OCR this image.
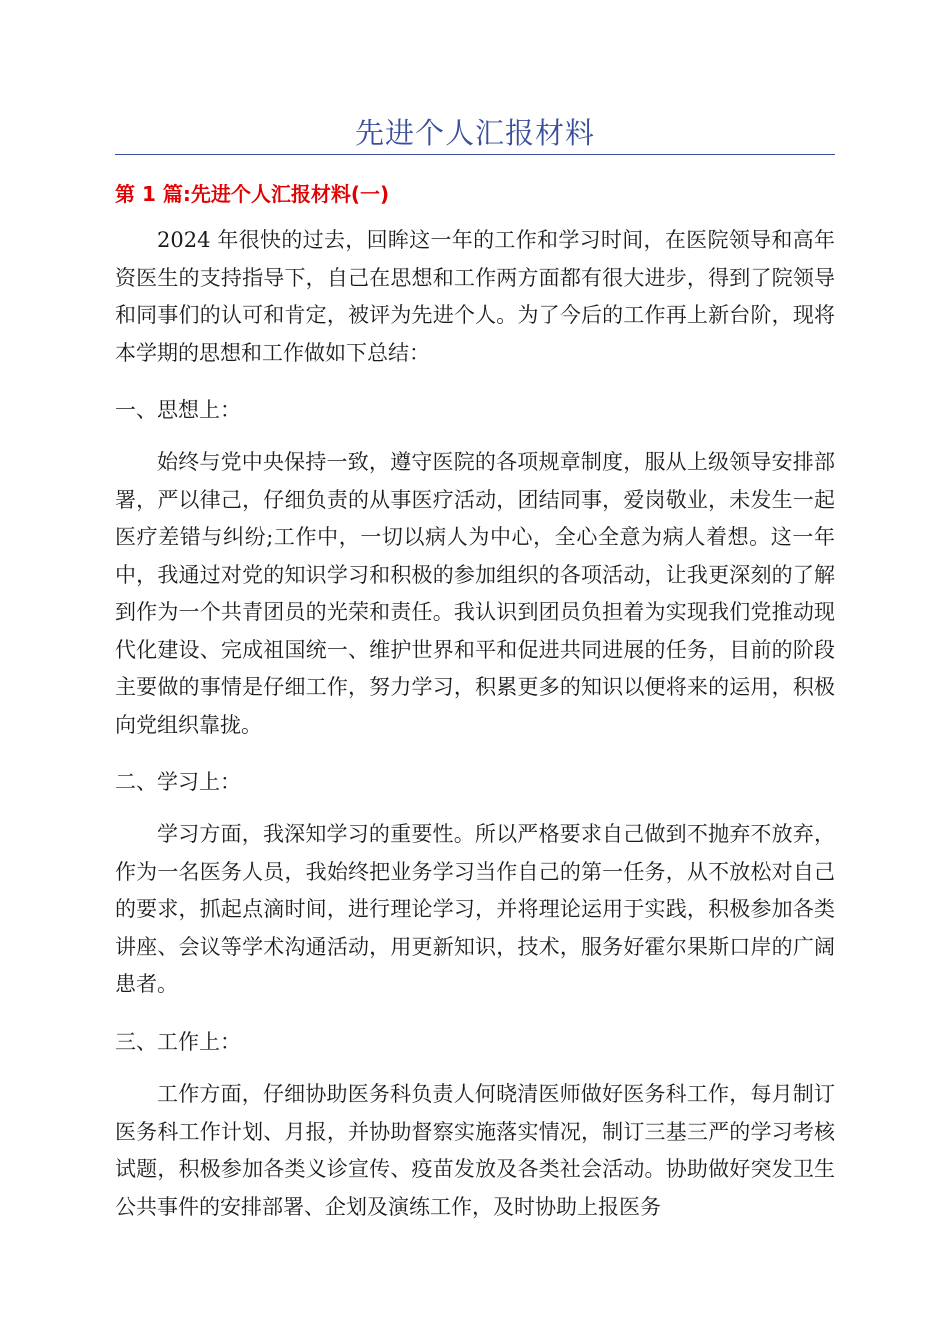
先进个人汇报材料
第 1 篇:先进个人汇报材料(一)

2024 年很快的过去，回眸这一年的工作和学习时间，在医院领导和高年资医生的支持指导下，自己在思想和工作两方面都有很大进步，得到了院领导和同事们的认可和肯定，被评为先进个人。为了今后的工作再上新台阶，现将本学期的思想和工作做如下总结：

一、思想上：

始终与党中央保持一致，遵守医院的各项规章制度，服从上级领导安排部署，严以律己，仔细负责的从事医疗活动，团结同事，爱岗敬业，未发生一起医疗差错与纠纷;工作中，一切以病人为中心，全心全意为病人着想。这一年中，我通过对党的知识学习和积极的参加组织的各项活动，让我更深刻的了解到作为一个共青团员的光荣和责任。我认识到团员负担着为实现我们党推动现代化建设、完成祖国统一、维护世界和平和促进共同进展的任务，目前的阶段主要做的事情是仔细工作，努力学习，积累更多的知识以便将来的运用，积极向党组织靠拢。

二、学习上：

学习方面，我深知学习的重要性。所以严格要求自己做到不抛弃不放弃，作为一名医务人员，我始终把业务学习当作自己的第一任务，从不放松对自己的要求，抓起点滴时间，进行理论学习，并将理论运用于实践，积极参加各类讲座、会议等学术沟通活动，用更新知识，技术，服务好霍尔果斯口岸的广阔患者。

三、工作上：

工作方面，仔细协助医务科负责人何晓清医师做好医务科工作，每月制订医务科工作计划、月报，并协助督察实施落实情况，制订三基三严的学习考核试题，积极参加各类义诊宣传、疫苗发放及各类社会活动。协助做好突发卫生公共事件的安排部署、企划及演练工作，及时协助上报医务
